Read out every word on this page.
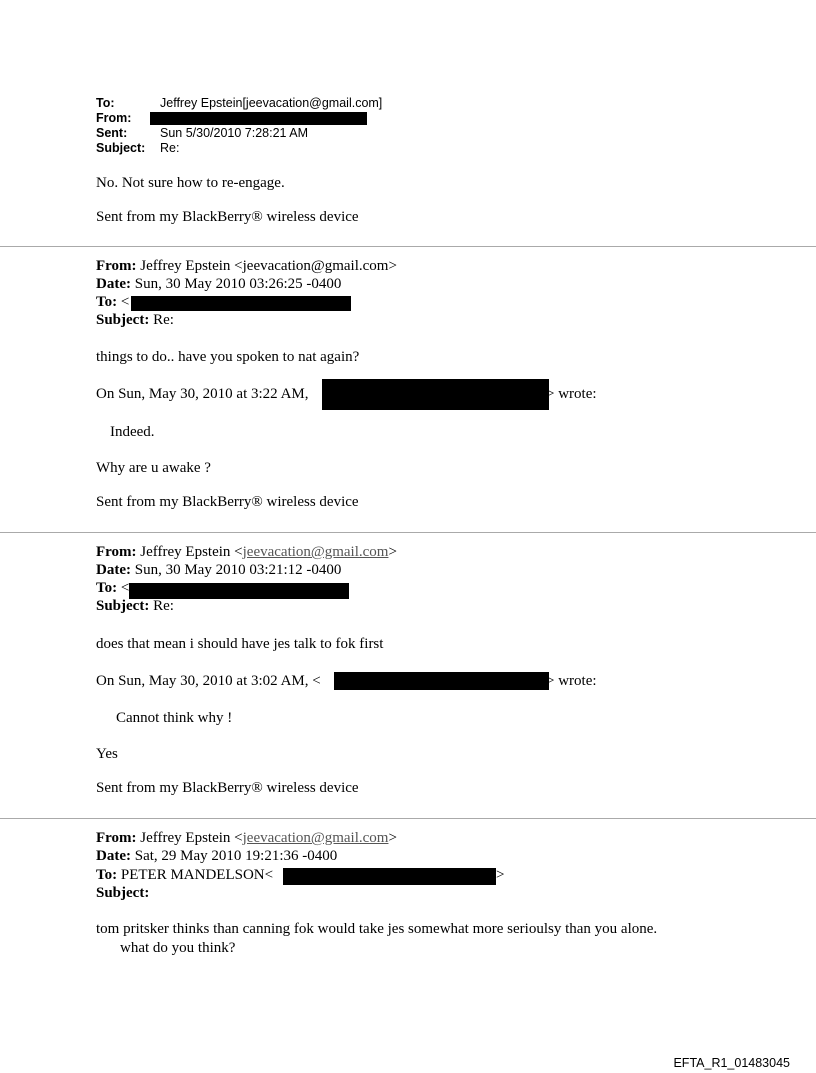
To:	Jeffrey Epstein[jeevacation@gmail.com]
From:
Sent:	Sun 5/30/2010 7:28:21 AM
Subject: Re:
No. Not sure how to re-engage.
Sent from my BlackBerry® wireless device
From: Jeffrey Epstein <jeevacation@gmail.com>
Date: Sun, 30 May 2010 03:26:25 -0400
To: <
Subject: Re:
things to do.. have you spoken to nat again?
On Sun, May 30, 2010 at 3:22 AM,	> wrote:
Indeed.
Why are u awake ?
Sent from my BlackBerry® wireless device
From: Jeffrey Epstein <jeevacation@gmail.com>
Date: Sun, 30 May 2010 03:21:12 -0400
To: <
Subject: Re:
does that mean i should have jes talk to fok first
On Sun, May 30, 2010 at 3:02 AM, <	> wrote:
Cannot think why !
Yes
Sent from my BlackBerry® wireless device
From: Jeffrey Epstein <jeevacation@gmail.com>
Date: Sat, 29 May 2010 19:21:36 -0400
To: PETER MANDELSON<	>
Subject:
tom pritsker thinks than canning fok would take jes somewhat more serioulsy than you alone.
what do you think?
EFTA_R1_01483045
